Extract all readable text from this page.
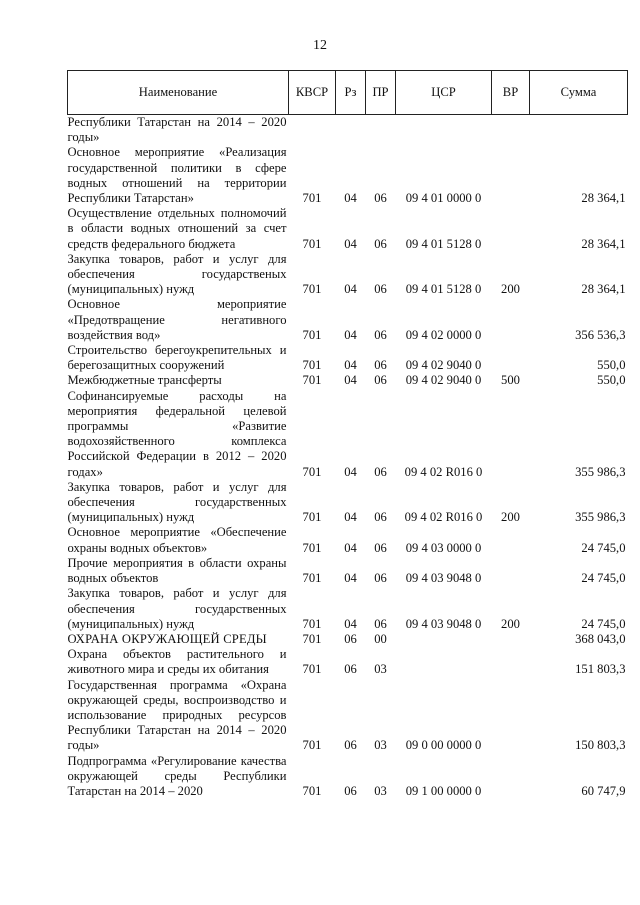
12
Наименование	КВСР	Рз	ПР	ЦСР	ВР	Сумма
Республики Татарстан на 2014 – 2020 годы»						
Основное мероприятие «Реализация государственной политики в сфере водных отношений на территории Республики Татарстан»	701	04	06	09 4 01 0000 0		28 364,1
Осуществление отдельных полномочий в области водных отношений за счет средств федерального бюджета	701	04	06	09 4 01 5128 0		28 364,1
Закупка товаров, работ и услуг для обеспечения государственых (муниципальных) нужд	701	04	06	09 4 01 5128 0	200	28 364,1
Основное мероприятие «Предотвращение негативного воздействия вод»	701	04	06	09 4 02 0000 0		356 536,3
Строительство берегоукрепительных и берегозащитных сооружений	701	04	06	09 4 02 9040 0		550,0
Межбюджетные трансферты	701	04	06	09 4 02 9040 0	500	550,0
Софинансируемые расходы на мероприятия федеральной целевой программы «Развитие водохозяйственного комплекса Российской Федерации в 2012 – 2020 годах»	701	04	06	09 4 02 R016 0		355 986,3
Закупка товаров, работ и услуг для обеспечения государственных (муниципальных) нужд	701	04	06	09 4 02 R016 0	200	355 986,3
Основное мероприятие «Обеспечение охраны водных объектов»	701	04	06	09 4 03 0000 0		24 745,0
Прочие мероприятия в области охраны водных объектов	701	04	06	09 4 03 9048 0		24 745,0
Закупка товаров, работ и услуг для обеспечения государственных (муниципальных) нужд	701	04	06	09 4 03 9048 0	200	24 745,0
ОХРАНА ОКРУЖАЮЩЕЙ СРЕДЫ	701	06	00			368 043,0
Охрана объектов растительного и животного мира и среды их обитания	701	06	03			151 803,3
Государственная программа «Охрана окружающей среды, воспроизводство и использование природных ресурсов Республики Татарстан на 2014 – 2020 годы»	701	06	03	09 0 00 0000 0		150 803,3
Подпрограмма «Регулирование качества окружающей среды Республики Татарстан на 2014 – 2020	701	06	03	09 1 00 0000 0		60 747,9
